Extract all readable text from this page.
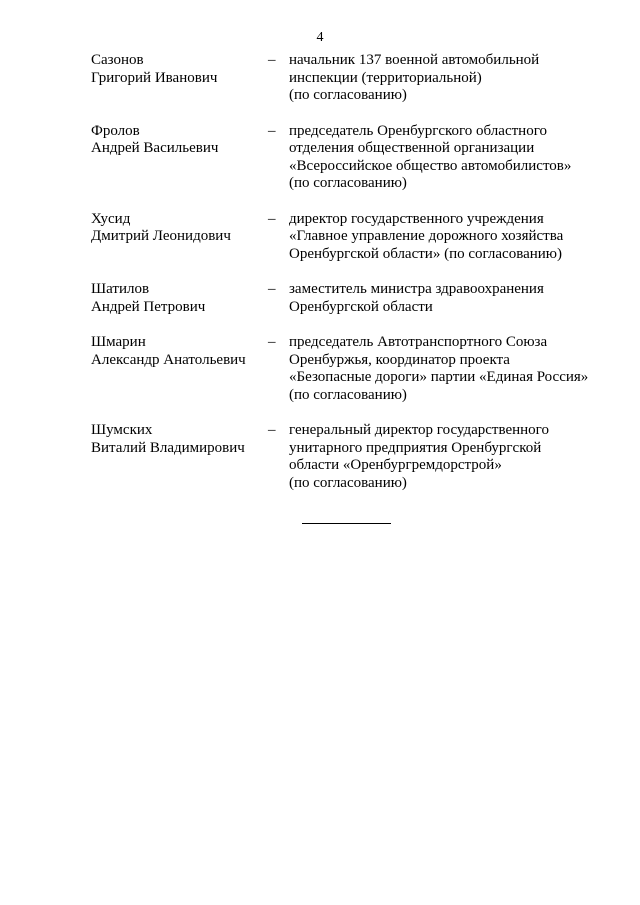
4
Сазонов
Григорий Иванович
– начальник 137 военной автомобильной
инспекции (территориальной)
(по согласованию)
Фролов
Андрей Васильевич
– председатель Оренбургского областного
отделения общественной организации
«Всероссийское общество автомобилистов»
(по согласованию)
Хусид
Дмитрий Леонидович
– директор государственного учреждения
«Главное управление дорожного хозяйства
Оренбургской области» (по согласованию)
Шатилов
Андрей Петрович
– заместитель министра здравоохранения
Оренбургской области
Шмарин
Александр Анатольевич
– председатель Автотранспортного Союза
Оренбуржья, координатор проекта
«Безопасные дороги» партии «Единая Россия»
(по согласованию)
Шумских
Виталий Владимирович
– генеральный директор государственного
унитарного предприятия Оренбургской
области «Оренбургремдорстрой»
(по согласованию)
